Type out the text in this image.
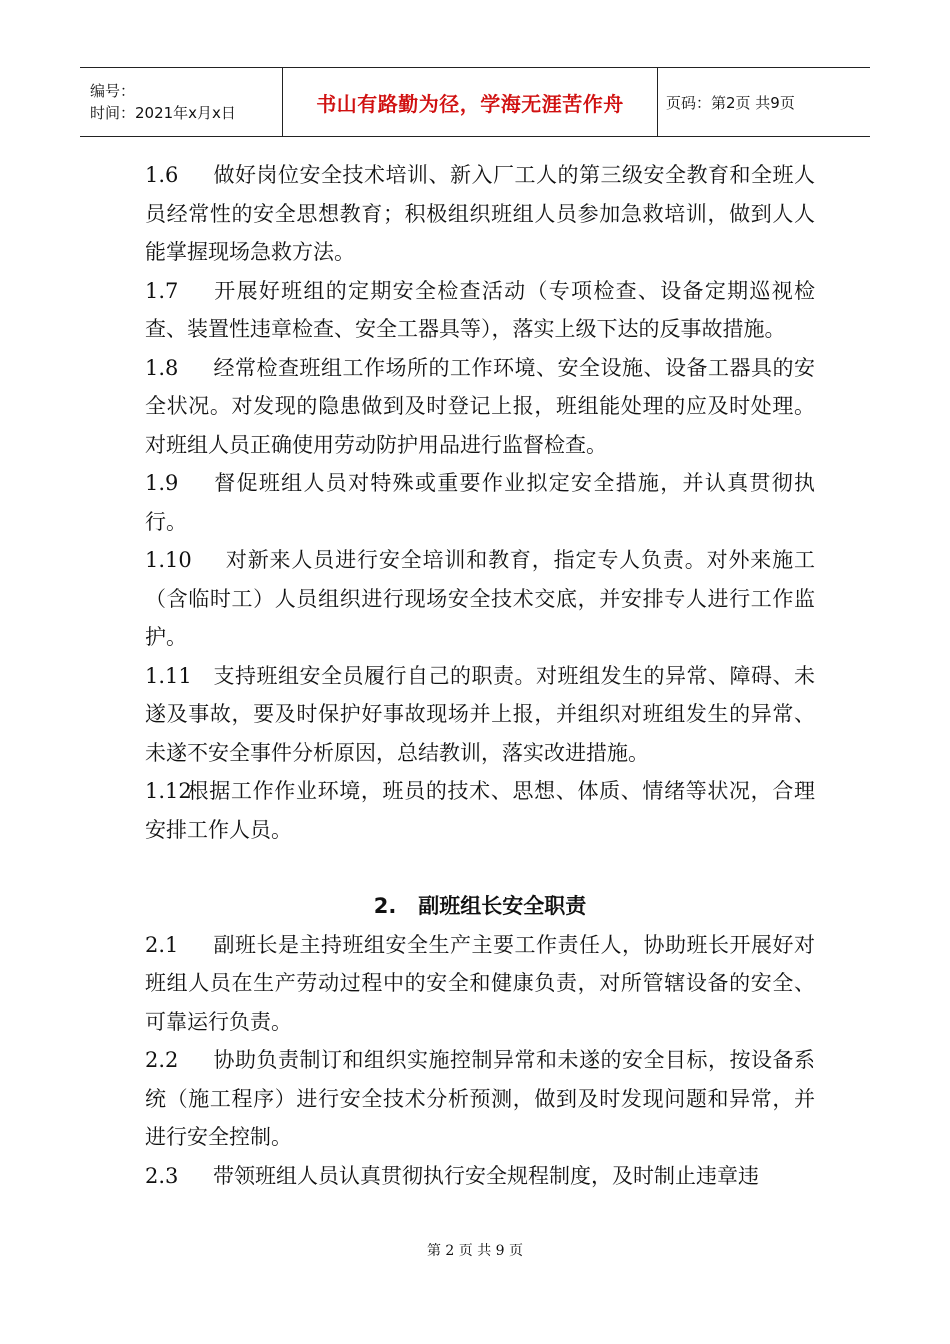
编号：
时间：2021年x月x日	书山有路勤为径，学海无涯苦作舟	页码：第2页 共9页

1.6 做好岗位安全技术培训、新入厂工人的第三级安全教育和全班人员经常性的安全思想教育；积极组织班组人员参加急救培训，做到人人能掌握现场急救方法。

1.7 开展好班组的定期安全检查活动（专项检查、设备定期巡视检查、装置性违章检查、安全工器具等），落实上级下达的反事故措施。

1.8 经常检查班组工作场所的工作环境、安全设施、设备工器具的安全状况。对发现的隐患做到及时登记上报，班组能处理的应及时处理。对班组人员正确使用劳动防护用品进行监督检查。

1.9 督促班组人员对特殊或重要作业拟定安全措施，并认真贯彻执行。

1.10 对新来人员进行安全培训和教育，指定专人负责。对外来施工（含临时工）人员组织进行现场安全技术交底，并安排专人进行工作监护。

1.11 支持班组安全员履行自己的职责。对班组发生的异常、障碍、未遂及事故，要及时保护好事故现场并上报，并组织对班组发生的异常、未遂不安全事件分析原因，总结教训，落实改进措施。

1.12根据工作作业环境，班员的技术、思想、体质、情绪等状况，合理安排工作人员。

2. 副班组长安全职责

2.1 副班长是主持班组安全生产主要工作责任人，协助班长开展好对班组人员在生产劳动过程中的安全和健康负责，对所管辖设备的安全、可靠运行负责。

2.2 协助负责制订和组织实施控制异常和未遂的安全目标，按设备系统（施工程序）进行安全技术分析预测，做到及时发现问题和异常，并进行安全控制。

2.3 带领班组人员认真贯彻执行安全规程制度，及时制止违章违

第 2 页 共 9 页
